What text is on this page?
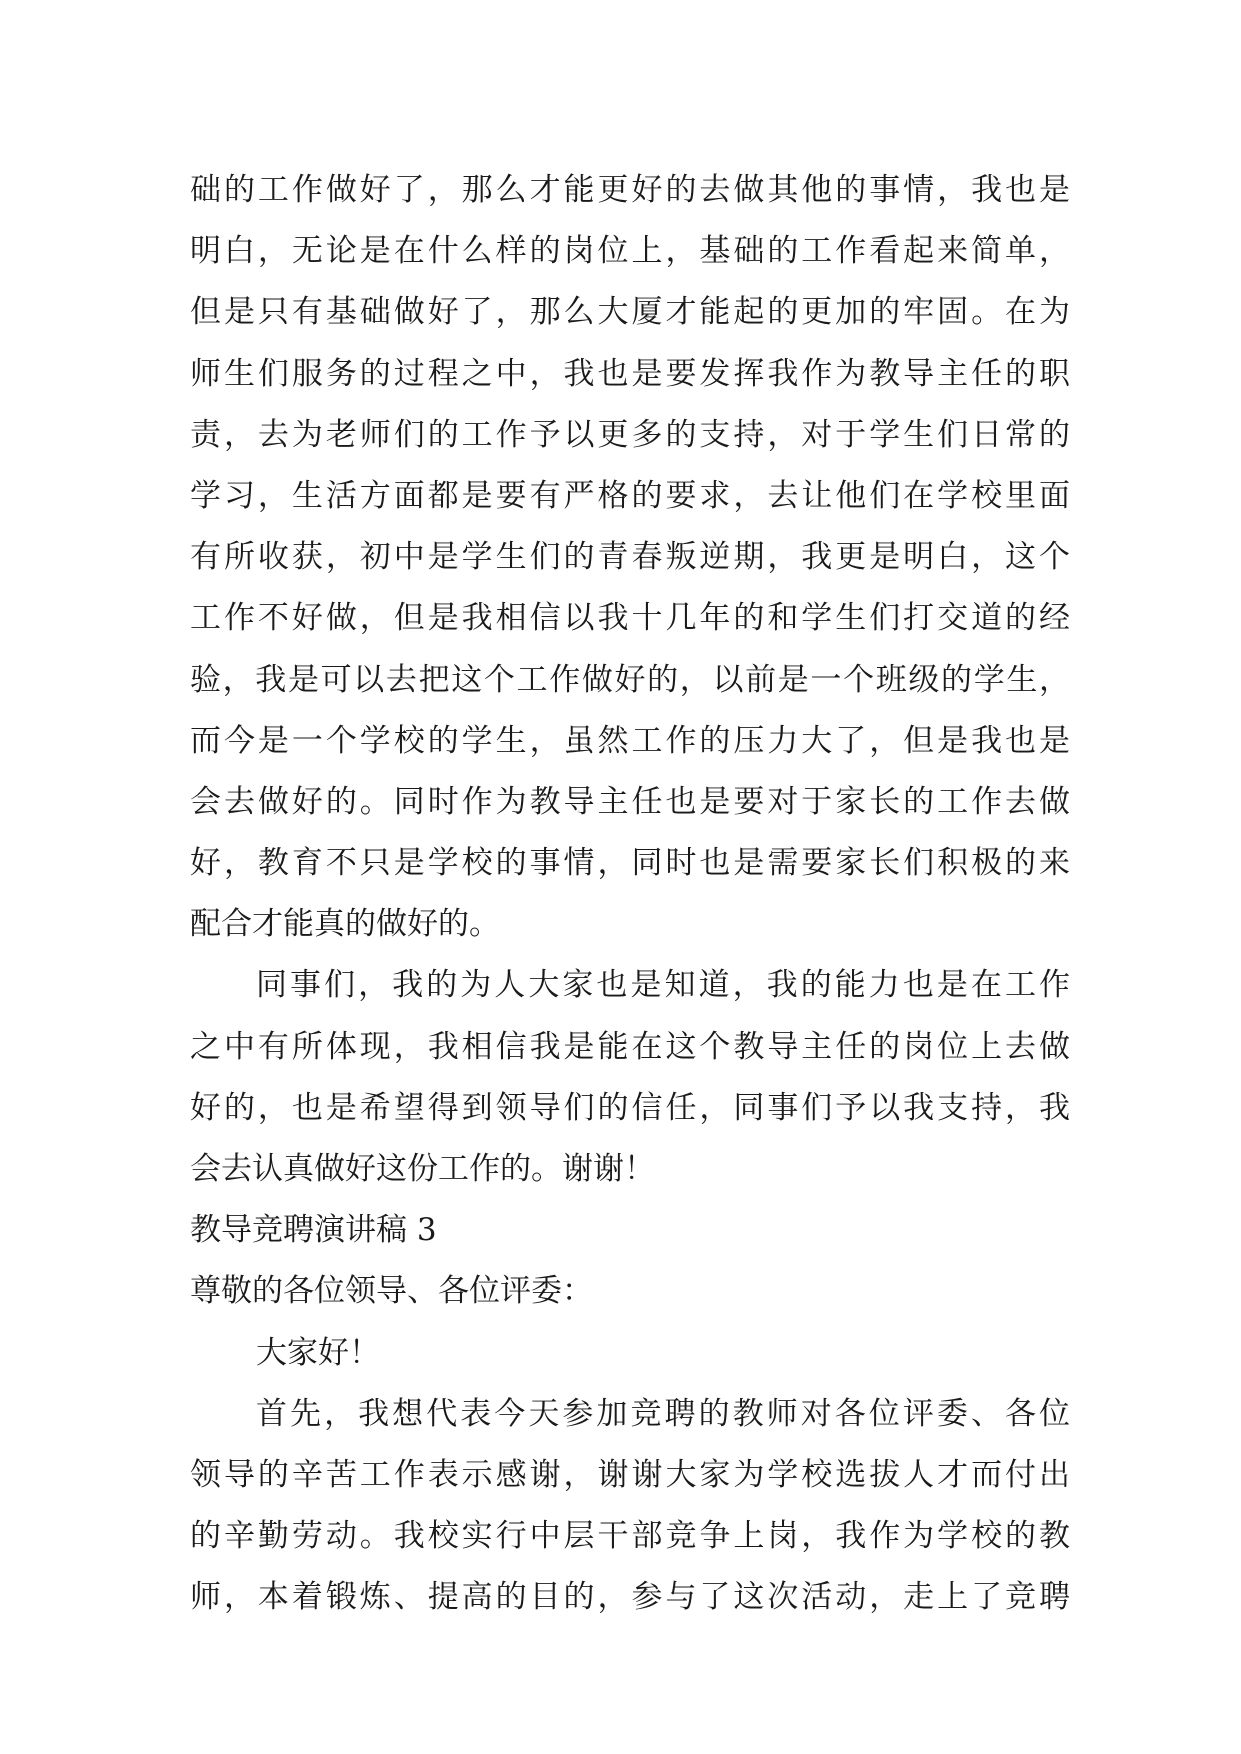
础的工作做好了，那么才能更好的去做其他的事情，我也是
明白，无论是在什么样的岗位上，基础的工作看起来简单，
但是只有基础做好了，那么大厦才能起的更加的牢固。在为
师生们服务的过程之中，我也是要发挥我作为教导主任的职
责，去为老师们的工作予以更多的支持，对于学生们日常的
学习，生活方面都是要有严格的要求，去让他们在学校里面
有所收获，初中是学生们的青春叛逆期，我更是明白，这个
工作不好做，但是我相信以我十几年的和学生们打交道的经
验，我是可以去把这个工作做好的，以前是一个班级的学生，
而今是一个学校的学生，虽然工作的压力大了，但是我也是
会去做好的。同时作为教导主任也是要对于家长的工作去做
好，教育不只是学校的事情，同时也是需要家长们积极的来
配合才能真的做好的。
同事们，我的为人大家也是知道，我的能力也是在工作
之中有所体现，我相信我是能在这个教导主任的岗位上去做
好的，也是希望得到领导们的信任，同事们予以我支持，我
会去认真做好这份工作的。谢谢！
教导竞聘演讲稿 3
尊敬的各位领导、各位评委：
大家好！
首先，我想代表今天参加竞聘的教师对各位评委、各位
领导的辛苦工作表示感谢，谢谢大家为学校选拔人才而付出
的辛勤劳动。我校实行中层干部竞争上岗，我作为学校的教
师，本着锻炼、提高的目的，参与了这次活动，走上了竞聘
